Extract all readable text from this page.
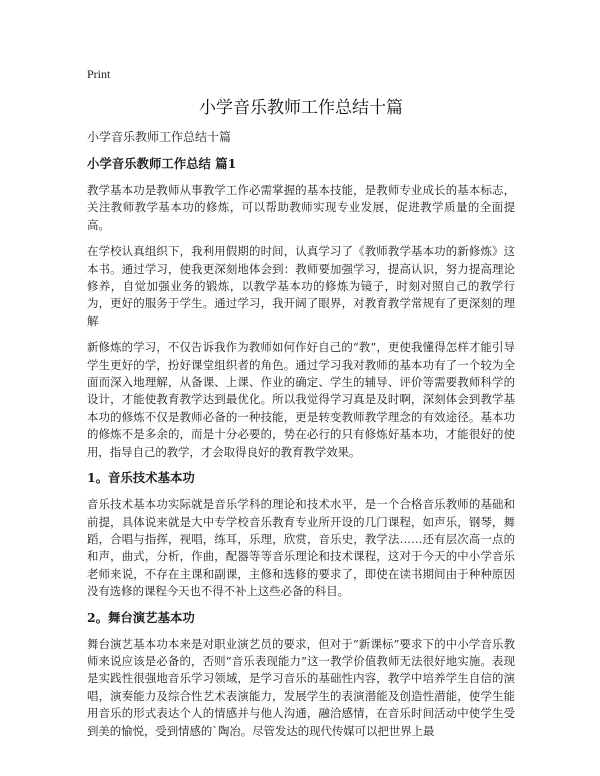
Print
小学音乐教师工作总结十篇
小学音乐教师工作总结十篇
小学音乐教师工作总结 篇1

教学基本功是教师从事教学工作必需掌握的基本技能，是教师专业成长的基本标志，关注教师教学基本功的修炼，可以帮助教师实现专业发展，促进教学质量的全面提高。

在学校认真组织下，我利用假期的时间，认真学习了《教师教学基本功的新修炼》这本书。通过学习，使我更深刻地体会到：教师要加强学习，提高认识，努力提高理论修养，自觉加强业务的锻炼，以教学基本功的修炼为镜子，时刻对照自己的教学行为，更好的服务于学生。通过学习，我开阔了眼界，对教育教学常规有了更深刻的理解

新修炼的学习，不仅告诉我作为教师如何作好自己的“教”，更使我懂得怎样才能引导学生更好的学，扮好课堂组织者的角色。通过学习我对教师的基本功有了一个较为全面而深入地理解，从备课、上课、作业的确定、学生的辅导、评价等需要教师科学的设计，才能使教育教学达到最优化。所以我觉得学习真是及时啊，深刻体会到教学基本功的修炼不仅是教师必备的一种技能，更是转变教师教学理念的有效途径。基本功的修炼不是多余的，而是十分必要的，势在必行的只有修炼好基本功，才能很好的使用，指导自己的教学，才会取得良好的教育教学效果。

1。音乐技术基本功

音乐技术基本功实际就是音乐学科的理论和技术水平，是一个合格音乐教师的基础和前提，具体说来就是大中专学校音乐教育专业所开设的几门课程，如声乐，钢琴，舞蹈，合唱与指挥，视唱，练耳，乐理，欣赏，音乐史，教学法……还有层次高一点的和声，曲式，分析，作曲，配器等等音乐理论和技术课程，这对于今天的中小学音乐老师来说，不存在主课和副课，主修和选修的要求了，即使在读书期间由于种种原因没有选修的课程今天也不得不补上这些必备的科目。

2。舞台演艺基本功

舞台演艺基本功本来是对职业演艺员的要求，但对于“新课标”要求下的中小学音乐教师来说应该是必备的，否则“音乐表现能力”这一教学价值教师无法很好地实施。表现是实践性很强地音乐学习领域，是学习音乐的基础性内容，教学中培养学生自信的演唱，演奏能力及综合性艺术表演能力，发展学生的表演潜能及创造性潜能，使学生能用音乐的形式表达个人的情感并与他人沟通，融洽感情，在音乐时间活动中使学生受到美的愉悦，受到情感的`陶冶。尽管发达的现代传媒可以把世界上最
